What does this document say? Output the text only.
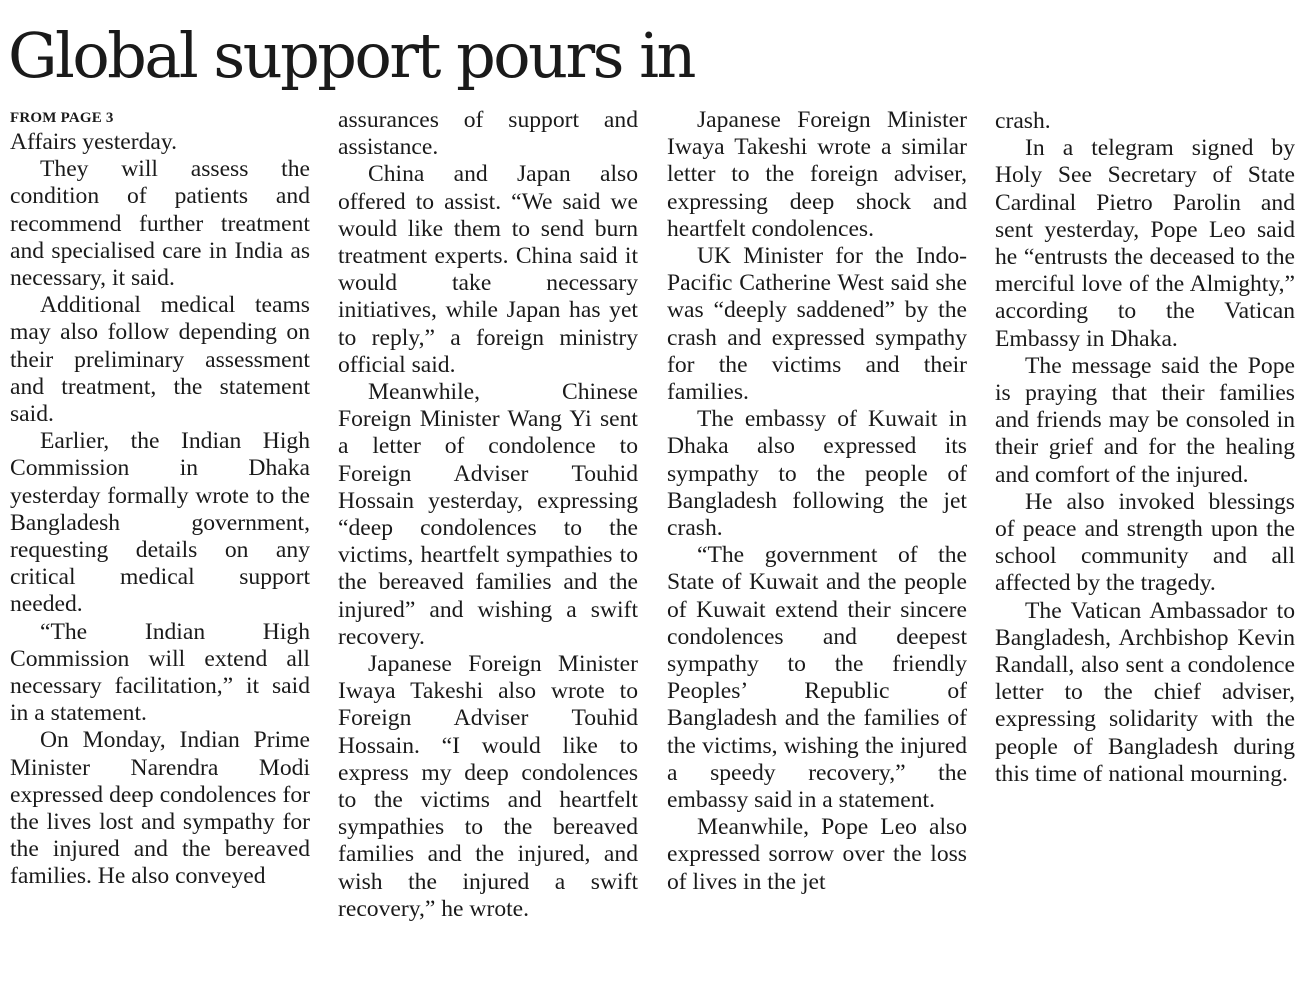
Global support pours in
FROM PAGE 3

Affairs yesterday.

They will assess the condition of patients and recommend further treatment and specialised care in India as necessary, it said.

Additional medical teams may also follow depending on their preliminary assessment and treatment, the statement said.

Earlier, the Indian High Commission in Dhaka yesterday formally wrote to the Bangladesh government, requesting details on any critical medical support needed.

“The Indian High Commission will extend all necessary facilitation,” it said in a statement.

On Monday, Indian Prime Minister Narendra Modi expressed deep condolences for the lives lost and sympathy for the injured and the bereaved families. He also conveyed

assurances of support and assistance.

China and Japan also offered to assist. “We said we would like them to send burn treatment experts. China said it would take necessary initiatives, while Japan has yet to reply,” a foreign ministry official said.

Meanwhile, Chinese Foreign Minister Wang Yi sent a letter of condolence to Foreign Adviser Touhid Hossain yesterday, expressing “deep condolences to the victims, heartfelt sympathies to the bereaved families and the injured” and wishing a swift recovery.

Japanese Foreign Minister Iwaya Takeshi also wrote to Foreign Adviser Touhid Hossain. “I would like to express my deep condolences to the victims and heartfelt sympathies to the bereaved families and the injured, and wish the injured a swift recovery,” he wrote.

Japanese Foreign Minister Iwaya Takeshi wrote a similar letter to the foreign adviser, expressing deep shock and heartfelt condolences.

UK Minister for the Indo-Pacific Catherine West said she was “deeply saddened” by the crash and expressed sympathy for the victims and their families.

The embassy of Kuwait in Dhaka also expressed its sympathy to the people of Bangladesh following the jet crash.

“The government of the State of Kuwait and the people of Kuwait extend their sincere condolences and deepest sympathy to the friendly Peoples’ Republic of Bangladesh and the families of the victims, wishing the injured a speedy recovery,” the embassy said in a statement.

Meanwhile, Pope Leo also expressed sorrow over the loss of lives in the jet

crash.

In a telegram signed by Holy See Secretary of State Cardinal Pietro Parolin and sent yesterday, Pope Leo said he “entrusts the deceased to the merciful love of the Almighty,” according to the Vatican Embassy in Dhaka.

The message said the Pope is praying that their families and friends may be consoled in their grief and for the healing and comfort of the injured.

He also invoked blessings of peace and strength upon the school community and all affected by the tragedy.

The Vatican Ambassador to Bangladesh, Archbishop Kevin Randall, also sent a condolence letter to the chief adviser, expressing solidarity with the people of Bangladesh during this time of national mourning.
